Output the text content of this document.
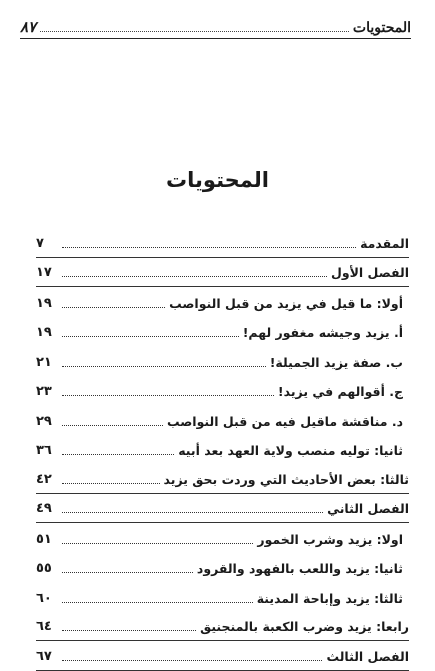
المحتويات
٨٧
المحتويات
المقدمة
٧
الفصل الأول
١٧
أولا: ما قيل في يزيد من قبل النواصب
١٩
أ. يزيد وجيشه مغفور لهم!
١٩
ب. صفة يزيد الجميلة!
٢١
ج. أقوالهم في يزيد!
٢٣
د. مناقشة ماقيل فيه من قبل النواصب
٢٩
ثانيا: توليه منصب ولاية العهد بعد أبيه
٣٦
ثالثا: بعض الأحاديث التي وردت بحق يزيد
٤٢
الفصل الثاني
٤٩
اولا: يزيد وشرب الخمور
٥١
ثانيا: يزيد واللعب بالفهود والقرود
٥٥
ثالثا: يزيد وإباحة المدينة
٦٠
رابعا: يزيد وضرب الكعبة بالمنجنيق
٦٤
الفصل الثالث
٦٧
